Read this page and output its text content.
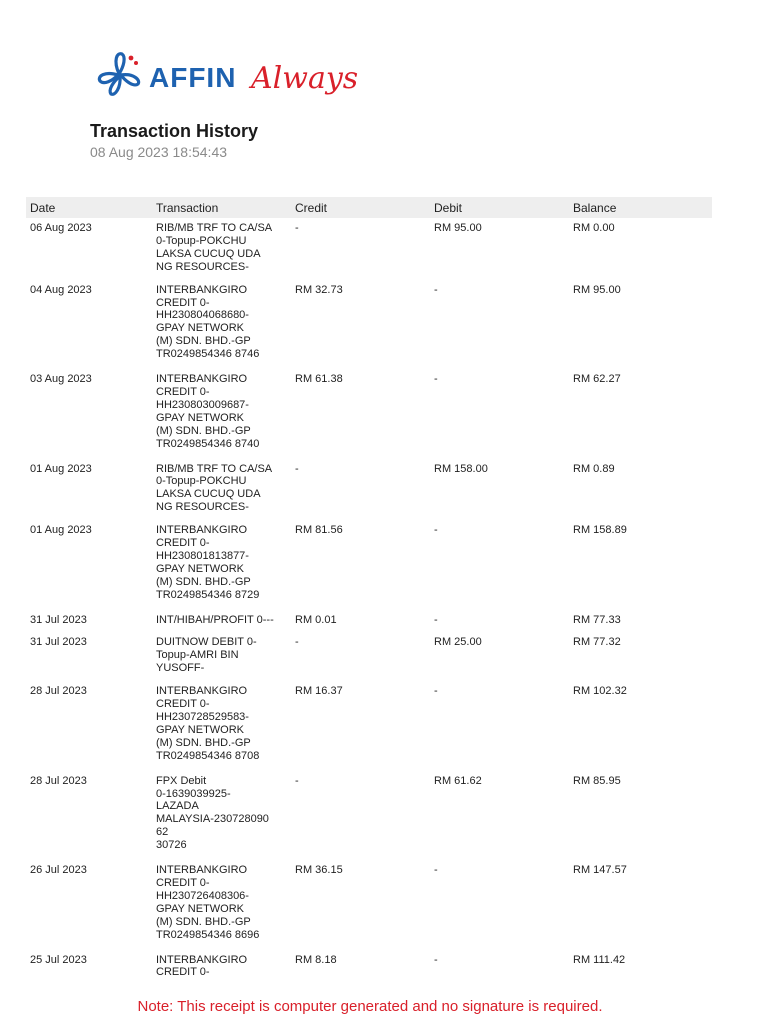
AFFIN Always
Transaction History
08 Aug 2023 18:54:43
Date	Transaction	Credit	Debit	Balance
06 Aug 2023	RIB/MB TRF TO CA/SA
0-Topup-POKCHU
LAKSA CUCUQ UDA
NG RESOURCES-
-	RM 95.00	RM 0.00
04 Aug 2023	INTERBANKGIRO
CREDIT 0-
HH230804068680-
GPAY NETWORK
(M) SDN. BHD.-GP
TR0249854346 8746
RM 32.73	-	RM 95.00
03 Aug 2023	INTERBANKGIRO
CREDIT 0-
HH230803009687-
GPAY NETWORK
(M) SDN. BHD.-GP
TR0249854346 8740
RM 61.38	-	RM 62.27
01 Aug 2023	RIB/MB TRF TO CA/SA
0-Topup-POKCHU
LAKSA CUCUQ UDA
NG RESOURCES-
-	RM 158.00	RM 0.89
01 Aug 2023	INTERBANKGIRO
CREDIT 0-
HH230801813877-
GPAY NETWORK
(M) SDN. BHD.-GP
TR0249854346 8729
RM 81.56	-	RM 158.89
31 Jul 2023	INT/HIBAH/PROFIT 0---	RM 0.01	-	RM 77.33
31 Jul 2023	DUITNOW DEBIT 0-
Topup-AMRI BIN
YUSOFF-
-	RM 25.00	RM 77.32
28 Jul 2023	INTERBANKGIRO
CREDIT 0-
HH230728529583-
GPAY NETWORK
(M) SDN. BHD.-GP
TR0249854346 8708
RM 16.37	-	RM 102.32
28 Jul 2023	FPX Debit
0-1639039925-
LAZADA
MALAYSIA-230728090
62
30726
-	RM 61.62	RM 85.95
26 Jul 2023	INTERBANKGIRO
CREDIT 0-
HH230726408306-
GPAY NETWORK
(M) SDN. BHD.-GP
TR0249854346 8696
RM 36.15	-	RM 147.57
25 Jul 2023	INTERBANKGIRO
CREDIT 0-
RM 8.18	-	RM 111.42
Note: This receipt is computer generated and no signature is required.
